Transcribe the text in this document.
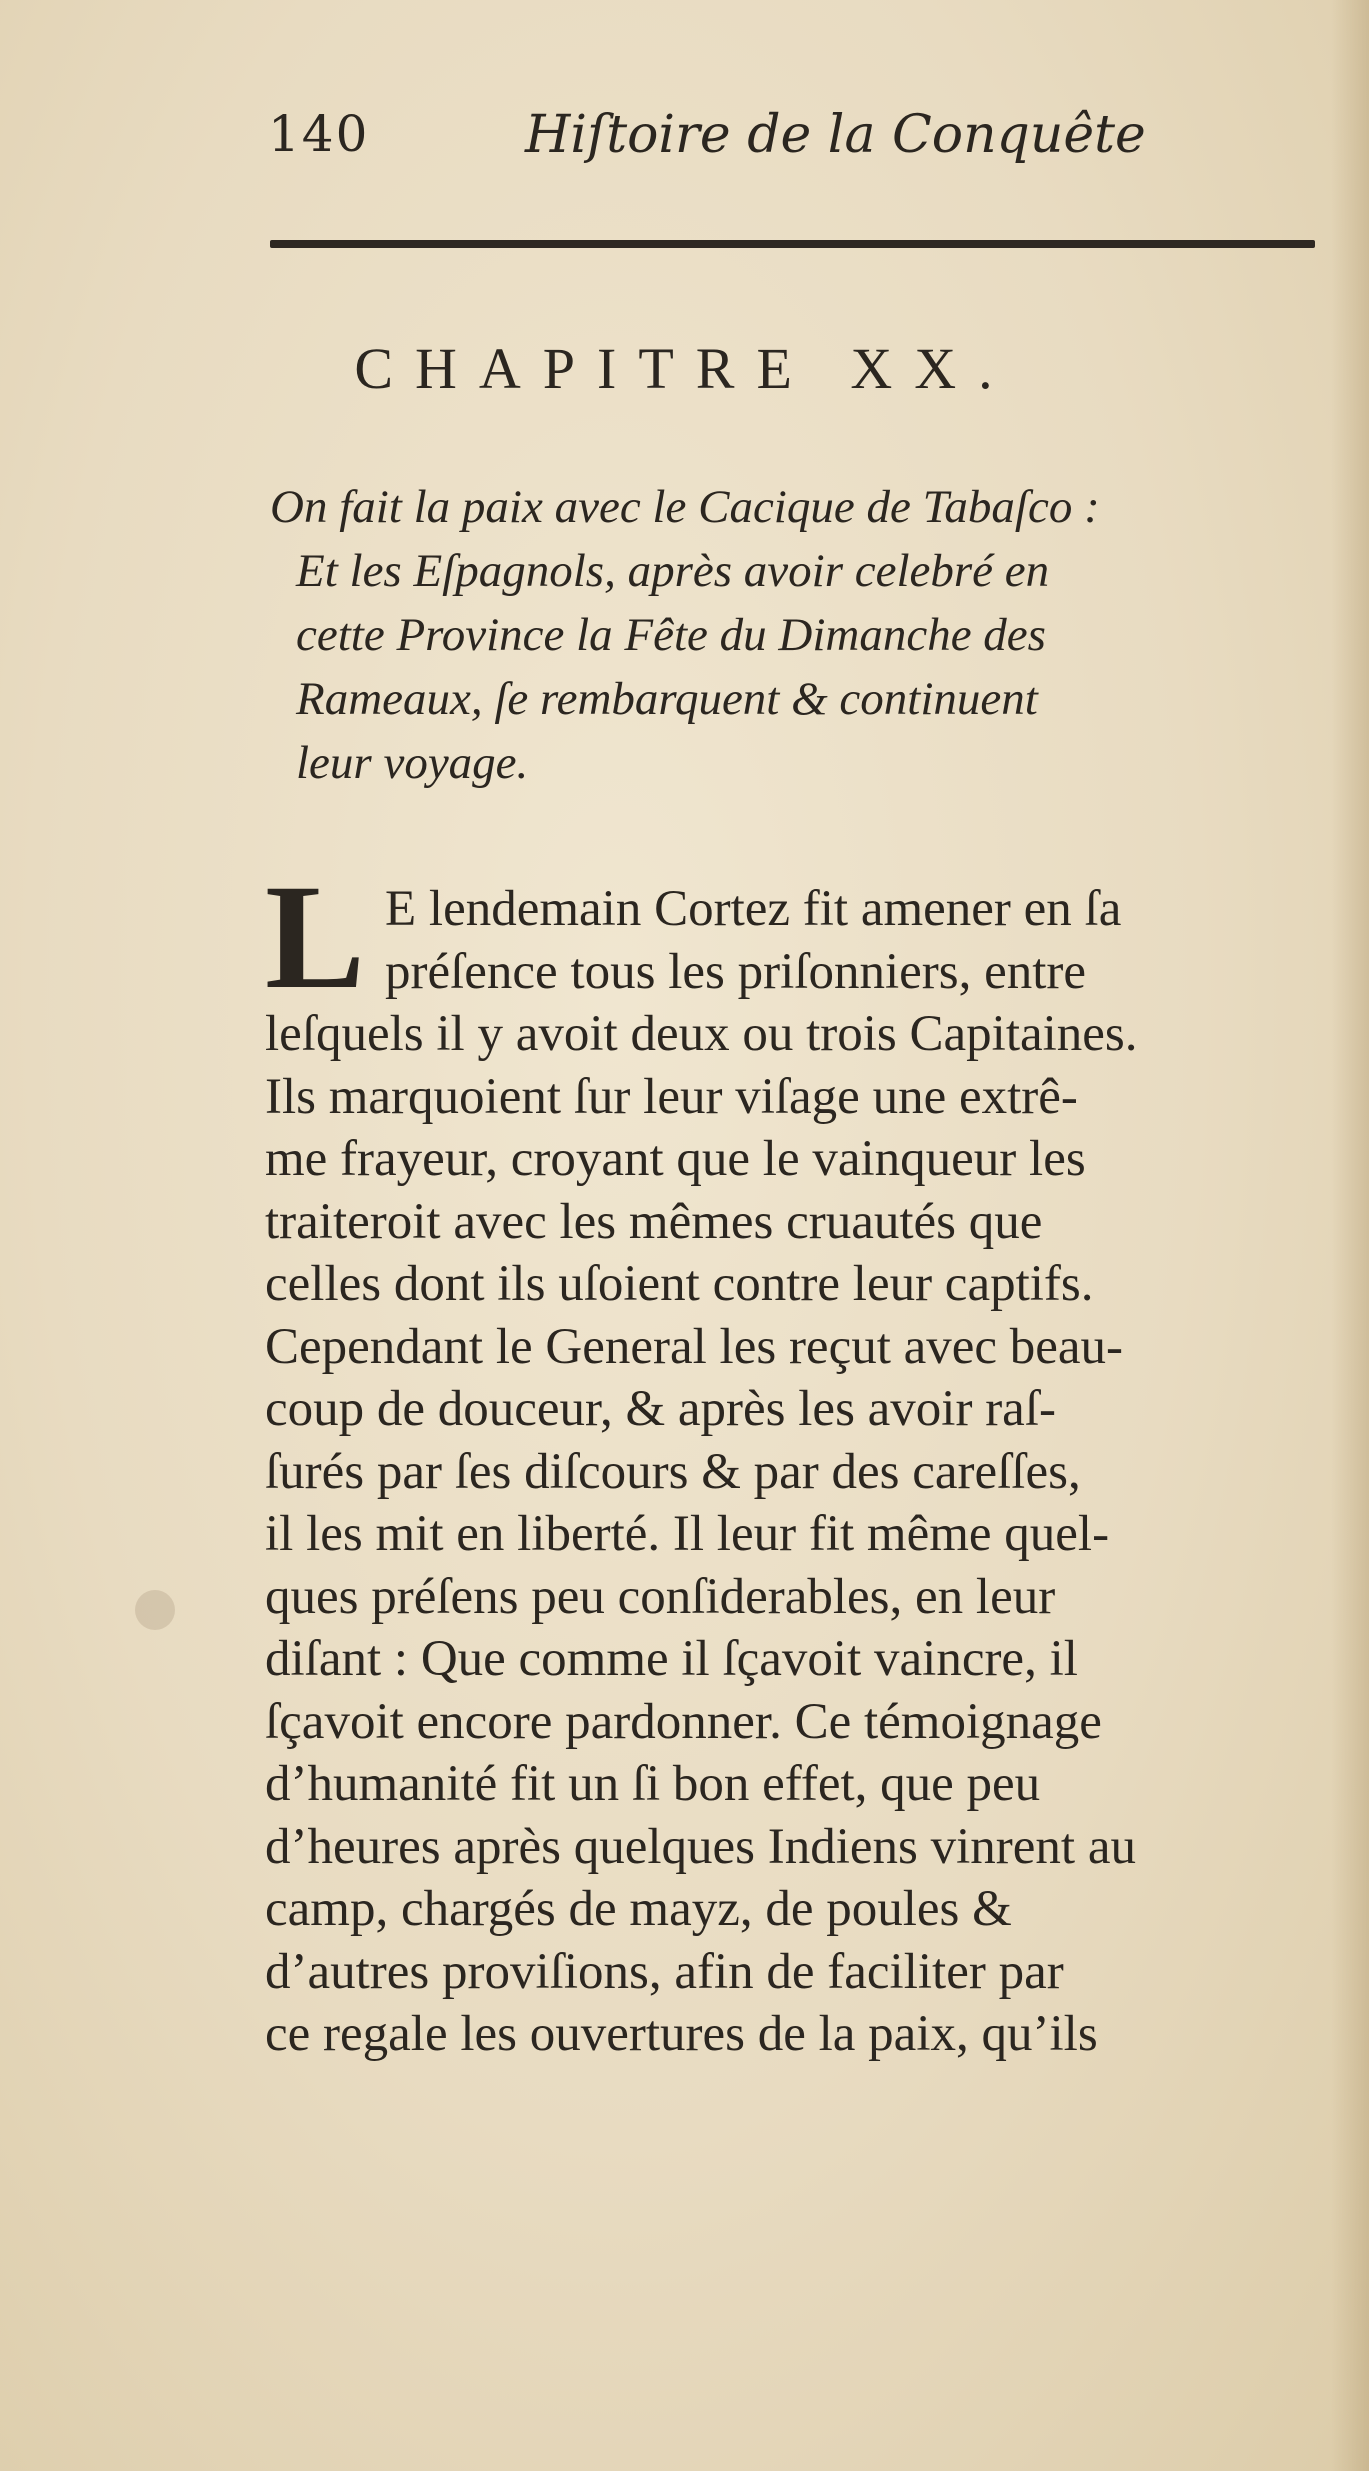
140	Hiſtoire de la Conquête
CHAPITRE XX.
On fait la paix avec le Cacique de Tabaſco :
Et les Eſpagnols, après avoir celebré en
cette Province la Fête du Dimanche des
Rameaux, ſe rembarquent & continuent
leur voyage.
L E lendemain Cortez fit amener en ſa
préſence tous les priſonniers, entre
leſquels il y avoit deux ou trois Capitaines.
Ils marquoient ſur leur viſage une extrê-
me frayeur, croyant que le vainqueur les
traiteroit avec les mêmes cruautés que
celles dont ils uſoient contre leur captifs.
Cependant le General les reçut avec beau-
coup de douceur, & après les avoir raſ-
ſurés par ſes diſcours & par des careſſes,
il les mit en liberté. Il leur fit même quel-
ques préſens peu conſiderables, en leur
diſant : Que comme il ſçavoit vaincre, il
ſçavoit encore pardonner. Ce témoignage
d’humanité fit un ſi bon effet, que peu
d’heures après quelques Indiens vinrent au
camp, chargés de mayz, de poules &
d’autres proviſions, afin de faciliter par
ce regale les ouvertures de la paix, qu’ils
